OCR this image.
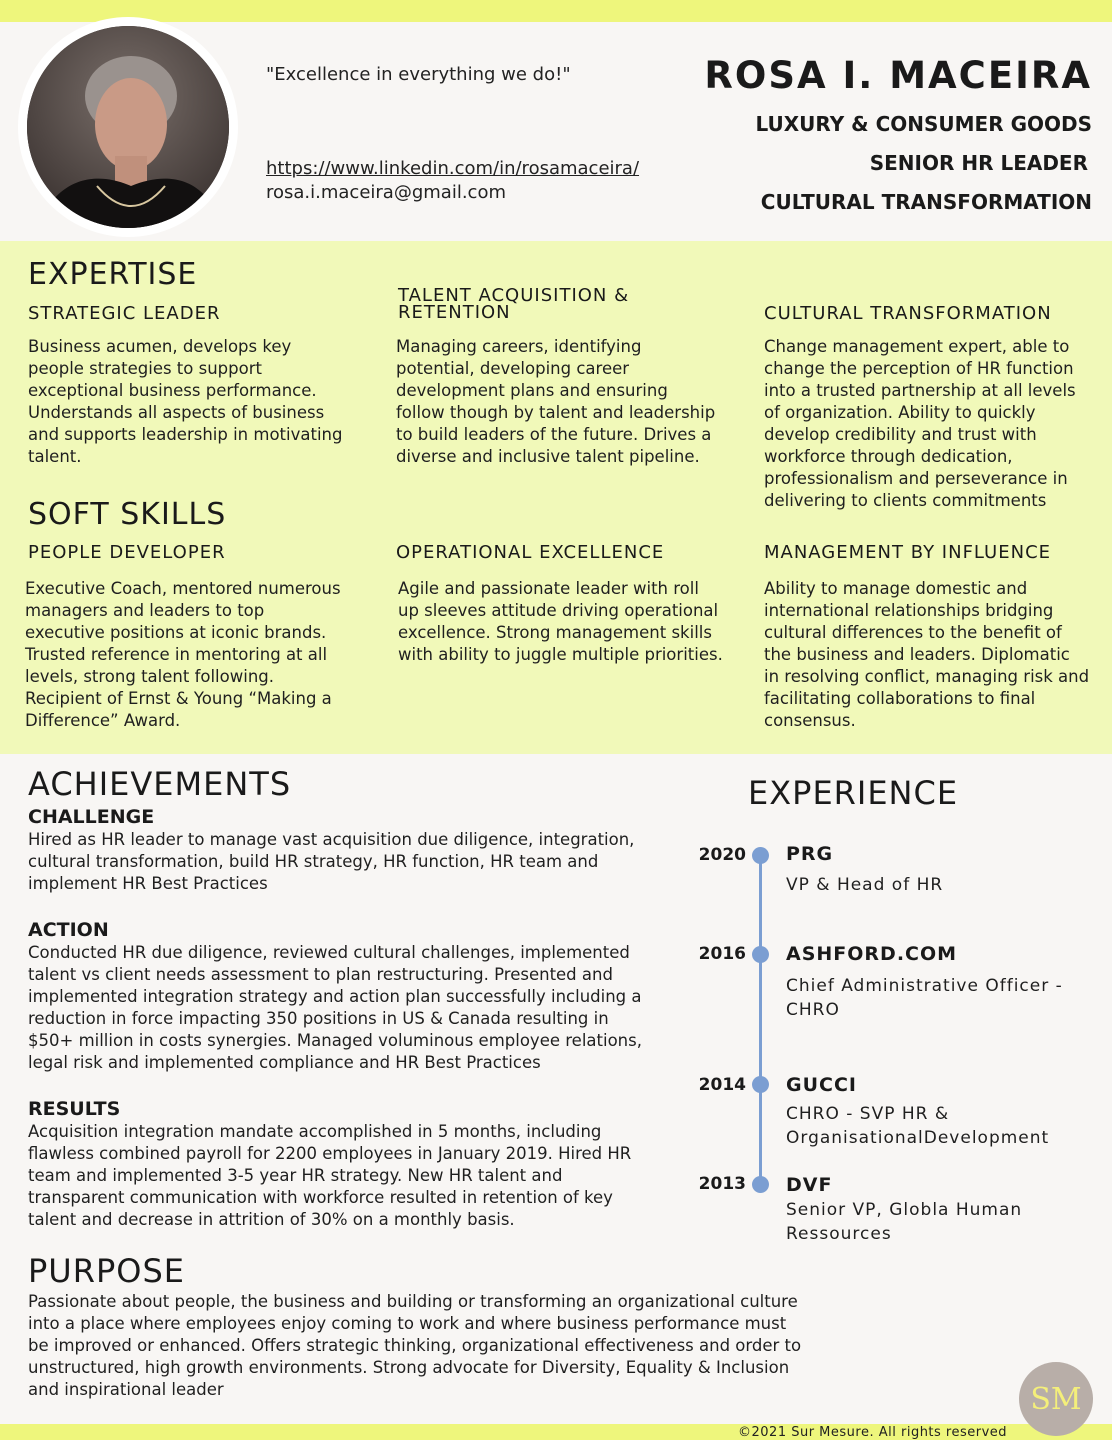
"Excellence in everything we do!"
https://www.linkedin.com/in/rosamaceira/
rosa.i.maceira@gmail.com
ROSA I. MACEIRA
LUXURY & CONSUMER GOODS
SENIOR HR LEADER
CULTURAL TRANSFORMATION
EXPERTISE
STRATEGIC LEADER
Business acumen, develops key
people strategies to support
exceptional business performance.
Understands all aspects of business
and supports leadership in motivating
talent.
TALENT ACQUISITION &
RETENTION
Managing careers, identifying
potential, developing career
development plans and ensuring
follow though by talent and leadership
to build leaders of the future. Drives a
diverse and inclusive talent pipeline.
CULTURAL TRANSFORMATION
Change management expert, able to
change the perception of HR function
into a trusted partnership at all levels
of organization. Ability to quickly
develop credibility and trust with
workforce through dedication,
professionalism and perseverance in
delivering to clients commitments
SOFT SKILLS
PEOPLE DEVELOPER
Executive Coach, mentored numerous
managers and leaders to top
executive positions at iconic brands.
Trusted reference in mentoring at all
levels, strong talent following.
Recipient of Ernst & Young “Making a
Difference” Award.
OPERATIONAL EXCELLENCE
Agile and passionate leader with roll
up sleeves attitude driving operational
excellence. Strong management skills
with ability to juggle multiple priorities.
MANAGEMENT BY INFLUENCE
Ability to manage domestic and
international relationships bridging
cultural differences to the benefit of
the business and leaders. Diplomatic
in resolving conflict, managing risk and
facilitating collaborations to final
consensus.
ACHIEVEMENTS
CHALLENGE
Hired as HR leader to manage vast acquisition due diligence, integration,
cultural transformation, build HR strategy, HR function, HR team and
implement HR Best Practices
ACTION
Conducted HR due diligence, reviewed cultural challenges, implemented
talent vs client needs assessment to plan restructuring. Presented and
implemented integration strategy and action plan successfully including a
reduction in force impacting 350 positions in US & Canada resulting in
$50+ million in costs synergies. Managed voluminous employee relations,
legal risk and implemented compliance and HR Best Practices
RESULTS
Acquisition integration mandate accomplished in 5 months, including
flawless combined payroll for 2200 employees in January 2019. Hired HR
team and implemented 3-5 year HR strategy. New HR talent and
transparent communication with workforce resulted in retention of key
talent and decrease in attrition of 30% on a monthly basis.
EXPERIENCE
2020 PRG
VP & Head of HR
2016 ASHFORD.COM
Chief Administrative Officer -
CHRO
2014 GUCCI
CHRO - SVP HR &
OrganisationalDevelopment
2013 DVF
Senior VP, Globla Human
Ressources
PURPOSE
Passionate about people, the business and building or transforming an organizational culture
into a place where employees enjoy coming to work and where business performance must
be improved or enhanced. Offers strategic thinking, organizational effectiveness and order to
unstructured, high growth environments. Strong advocate for Diversity, Equality & Inclusion
and inspirational leader	SM
©2021 Sur Mesure. All rights reserved
